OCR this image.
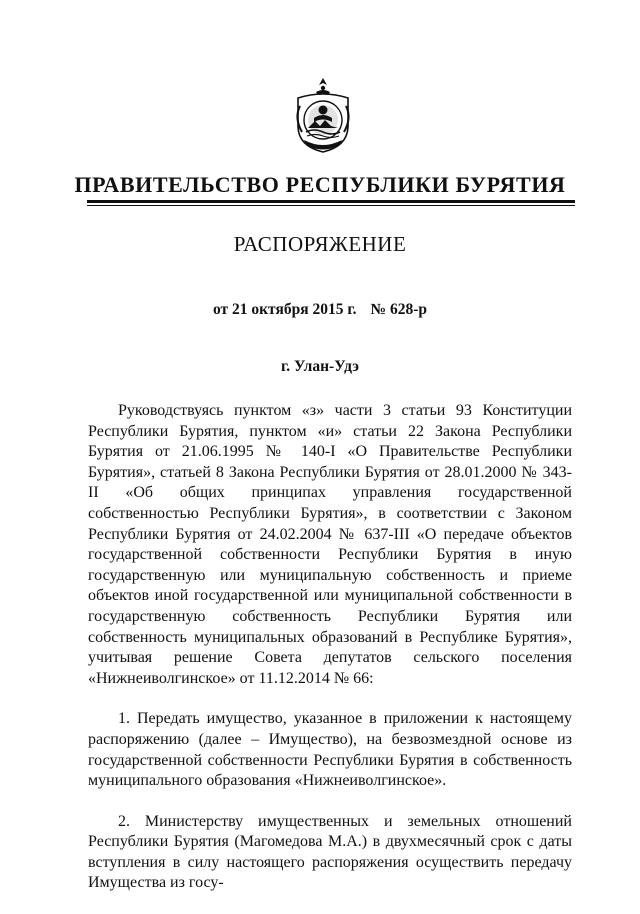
ПРАВИТЕЛЬСТВО РЕСПУБЛИКИ БУРЯТИЯ
РАСПОРЯЖЕНИЕ
от 21 октября 2015 г. № 628-р
г. Улан-Удэ

Руководствуясь пунктом «з» части 3 статьи 93 Конституции Республики Бурятия, пунктом «и» статьи 22 Закона Республики Бурятия от 21.06.1995 № 140-I «О Правительстве Республики Бурятия», статьей 8 Закона Республики Бурятия от 28.01.2000 № 343-II «Об общих принципах управления государственной собственностью Республики Бурятия», в соответствии с Законом Республики Бурятия от 24.02.2004 № 637-III «О передаче объектов государственной собственности Республики Бурятия в иную государственную или муниципальную собственность и приеме объектов иной государственной или муниципальной собственности в государственную собственность Республики Бурятия или собственность муниципальных образований в Республике Бурятия», учитывая решение Совета депутатов сельского поселения «Нижнеиволгинское» от 11.12.2014 № 66:

1. Передать имущество, указанное в приложении к настоящему распоряжению (далее – Имущество), на безвозмездной основе из государственной собственности Республики Бурятия в собственность муниципального образования «Нижнеиволгинское».

2. Министерству имущественных и земельных отношений Республики Бурятия (Магомедова М.А.) в двухмесячный срок с даты вступления в силу настоящего распоряжения осуществить передачу Имущества из госу-
